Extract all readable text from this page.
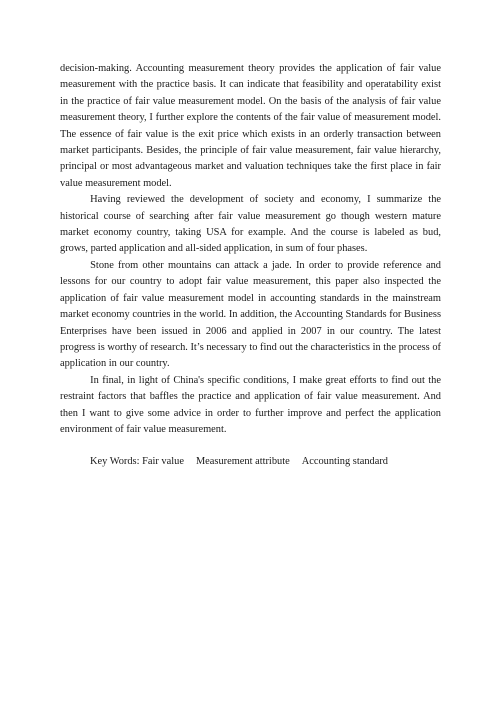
decision-making. Accounting measurement theory provides the application of fair value measurement with the practice basis. It can indicate that feasibility and operatability exist in the practice of fair value measurement model. On the basis of the analysis of fair value measurement theory, I further explore the contents of the fair value of measurement model. The essence of fair value is the exit price which exists in an orderly transaction between market participants. Besides, the principle of fair value measurement, fair value hierarchy, principal or most advantageous market and valuation techniques take the first place in fair value measurement model.

Having reviewed the development of society and economy, I summarize the historical course of searching after fair value measurement go though western mature market economy country, taking USA for example. And the course is labeled as bud, grows, parted application and all-sided application, in sum of four phases.

Stone from other mountains can attack a jade. In order to provide reference and lessons for our country to adopt fair value measurement, this paper also inspected the application of fair value measurement model in accounting standards in the mainstream market economy countries in the world. In addition, the Accounting Standards for Business Enterprises have been issued in 2006 and applied in 2007 in our country. The latest progress is worthy of research. It’s necessary to find out the characteristics in the process of application in our country.

In final, in light of China's specific conditions, I make great efforts to find out the restraint factors that baffles the practice and application of fair value measurement. And then I want to give some advice in order to further improve and perfect the application environment of fair value measurement.

Key Words: Fair value Measurement attribute Accounting standard
